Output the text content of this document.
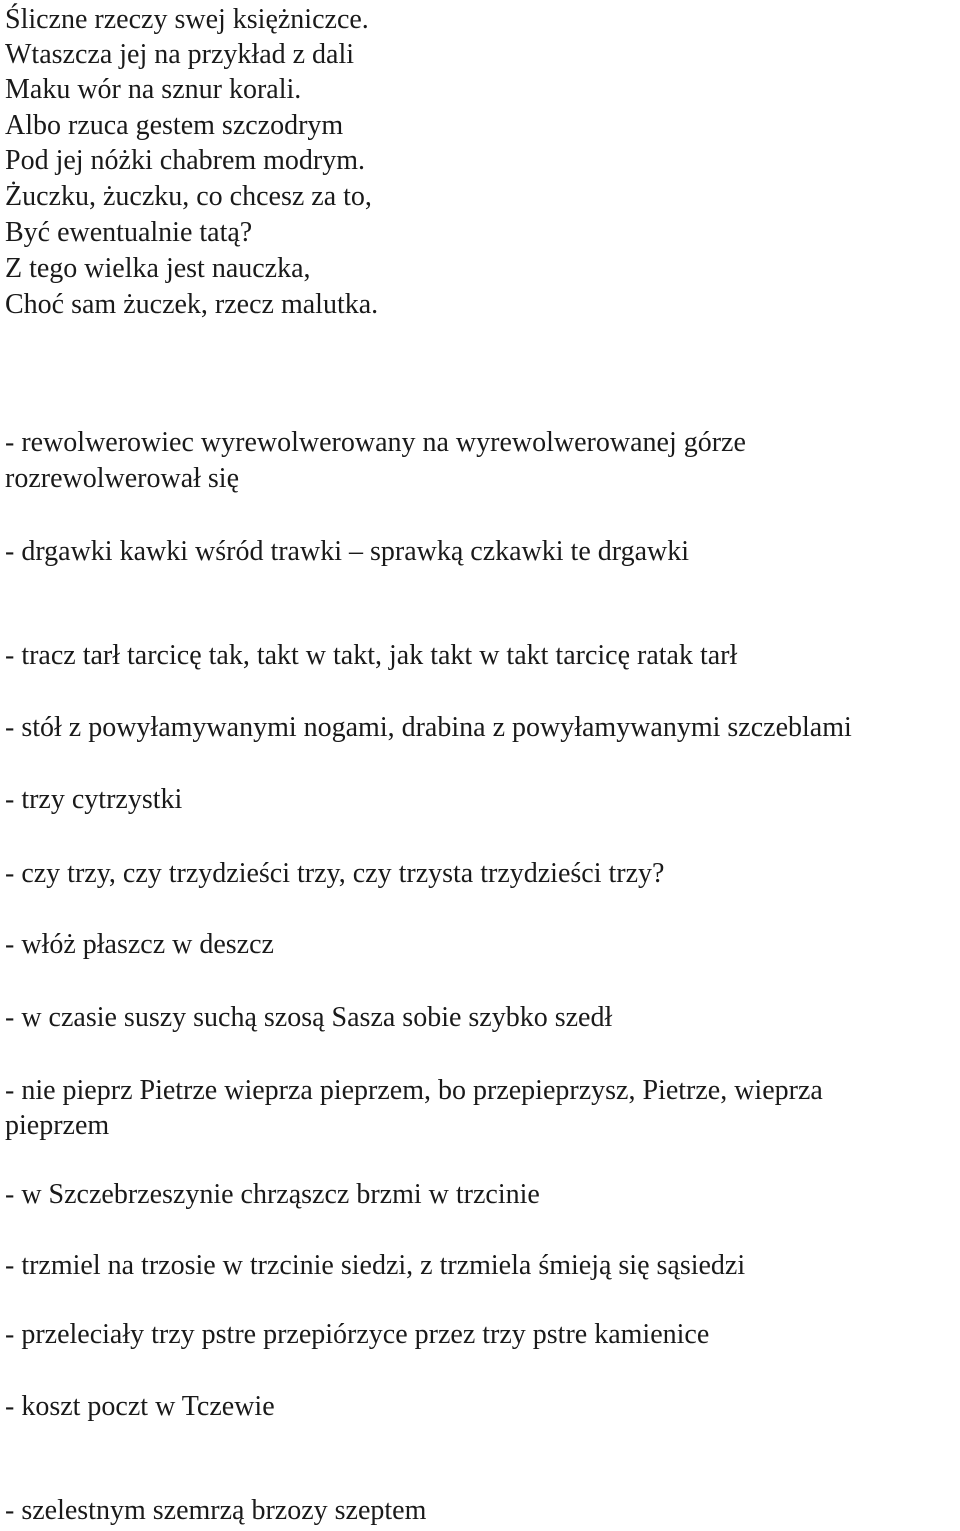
Śliczne rzeczy swej księżniczce.
Wtaszcza jej na przykład z dali
Maku wór na sznur korali.
Albo rzuca gestem szczodrym
Pod jej nóżki chabrem modrym.
Żuczku, żuczku, co chcesz za to,
Być ewentualnie tatą?
Z tego wielka jest nauczka,
Choć sam żuczek, rzecz malutka.
- rewolwerowiec wyrewolwerowany na wyrewolwerowanej górze
rozrewolwerował się
- drgawki kawki wśród trawki – sprawką czkawki te drgawki
- tracz tarł tarcicę tak, takt w takt, jak takt w takt tarcicę ratak tarł
- stół z powyłamywanymi nogami, drabina z powyłamywanymi szczeblami
- trzy cytrzystki
- czy trzy, czy trzydzieści trzy, czy trzysta trzydzieści trzy?
- włóż płaszcz w deszcz
- w czasie suszy suchą szosą Sasza sobie szybko szedł
- nie pieprz Pietrze wieprza pieprzem, bo przepieprzysz, Pietrze, wieprza
pieprzem
- w Szczebrzeszynie chrząszcz brzmi w trzcinie
- trzmiel na trzosie w trzcinie siedzi, z trzmiela śmieją się sąsiedzi
- przeleciały trzy pstre przepiórzyce przez trzy pstre kamienice
- koszt poczt w Tczewie
- szelestnym szemrzą brzozy szeptem
